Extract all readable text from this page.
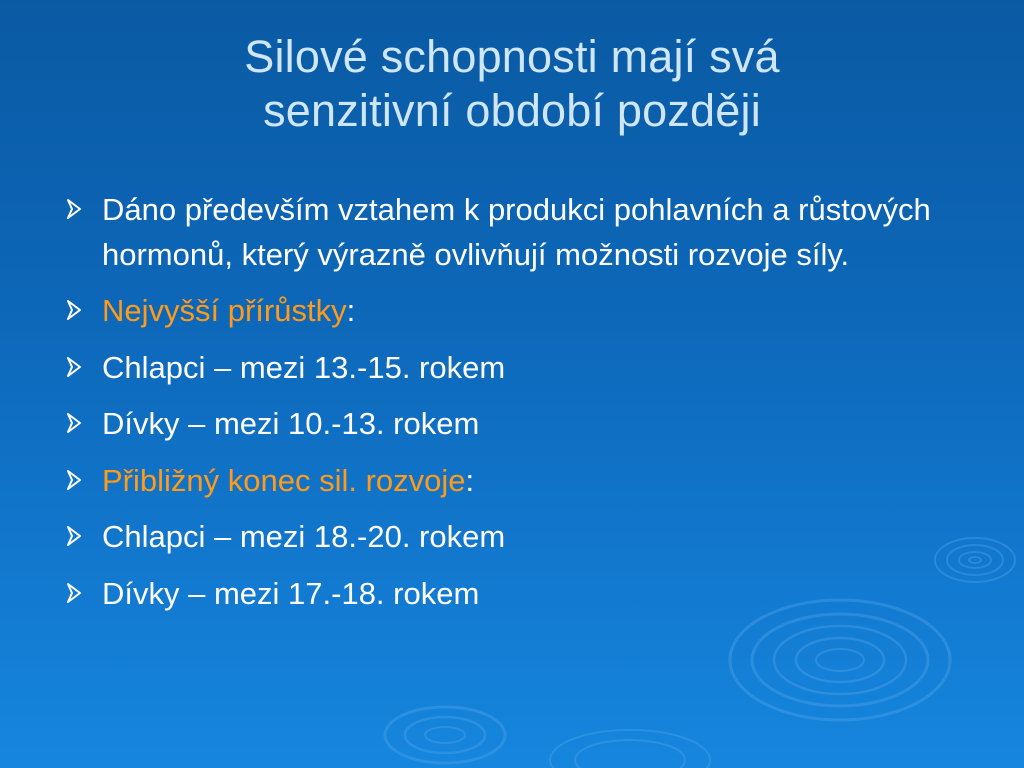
Silové schopnosti mají svá
senzitivní období později
Dáno především vztahem k produkci pohlavních a růstových hormonů, který výrazně ovlivňují možnosti rozvoje síly.
Nejvyšší přírůstky:
Chlapci – mezi 13.-15. rokem
Dívky – mezi 10.-13. rokem
Přibližný konec sil. rozvoje:
Chlapci – mezi 18.-20. rokem
Dívky – mezi 17.-18. rokem
